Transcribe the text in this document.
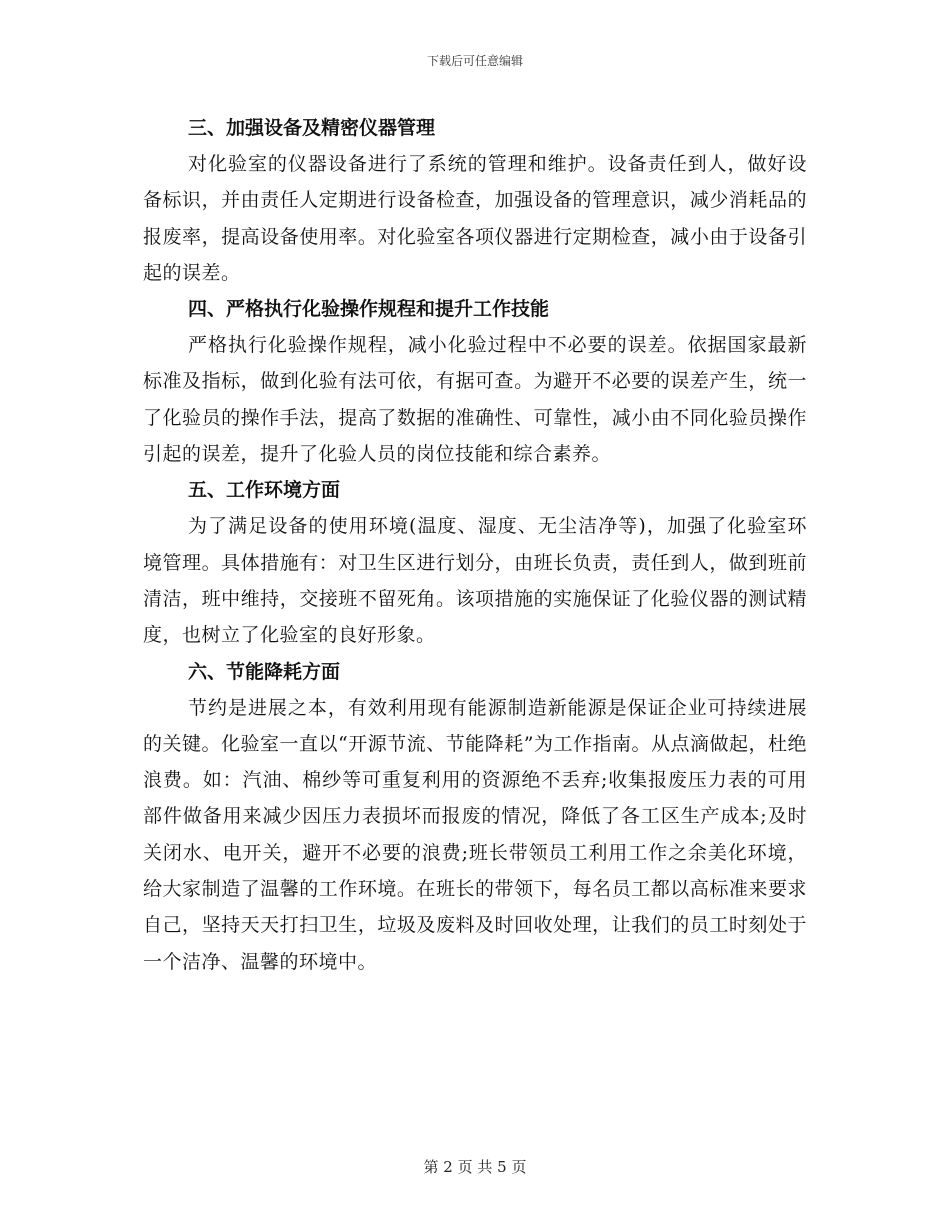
下载后可任意编辑

三、加强设备及精密仪器管理

对化验室的仪器设备进行了系统的管理和维护。设备责任到人，做好设备标识，并由责任人定期进行设备检查，加强设备的管理意识，减少消耗品的报废率，提高设备使用率。对化验室各项仪器进行定期检查，减小由于设备引起的误差。

四、严格执行化验操作规程和提升工作技能

严格执行化验操作规程，减小化验过程中不必要的误差。依据国家最新标准及指标，做到化验有法可依，有据可查。为避开不必要的误差产生，统一了化验员的操作手法，提高了数据的准确性、可靠性，减小由不同化验员操作引起的误差，提升了化验人员的岗位技能和综合素养。

五、工作环境方面

为了满足设备的使用环境(温度、湿度、无尘洁净等)，加强了化验室环境管理。具体措施有：对卫生区进行划分，由班长负责，责任到人，做到班前清洁，班中维持，交接班不留死角。该项措施的实施保证了化验仪器的测试精度，也树立了化验室的良好形象。

六、节能降耗方面

节约是进展之本，有效利用现有能源制造新能源是保证企业可持续进展的关键。化验室一直以“开源节流、节能降耗”为工作指南。从点滴做起，杜绝浪费。如：汽油、棉纱等可重复利用的资源绝不丢弃;收集报废压力表的可用部件做备用来减少因压力表损坏而报废的情况，降低了各工区生产成本;及时关闭水、电开关，避开不必要的浪费;班长带领员工利用工作之余美化环境，给大家制造了温馨的工作环境。在班长的带领下，每名员工都以高标准来要求自己，坚持天天打扫卫生，垃圾及废料及时回收处理，让我们的员工时刻处于一个洁净、温馨的环境中。

第 2 页 共 5 页
